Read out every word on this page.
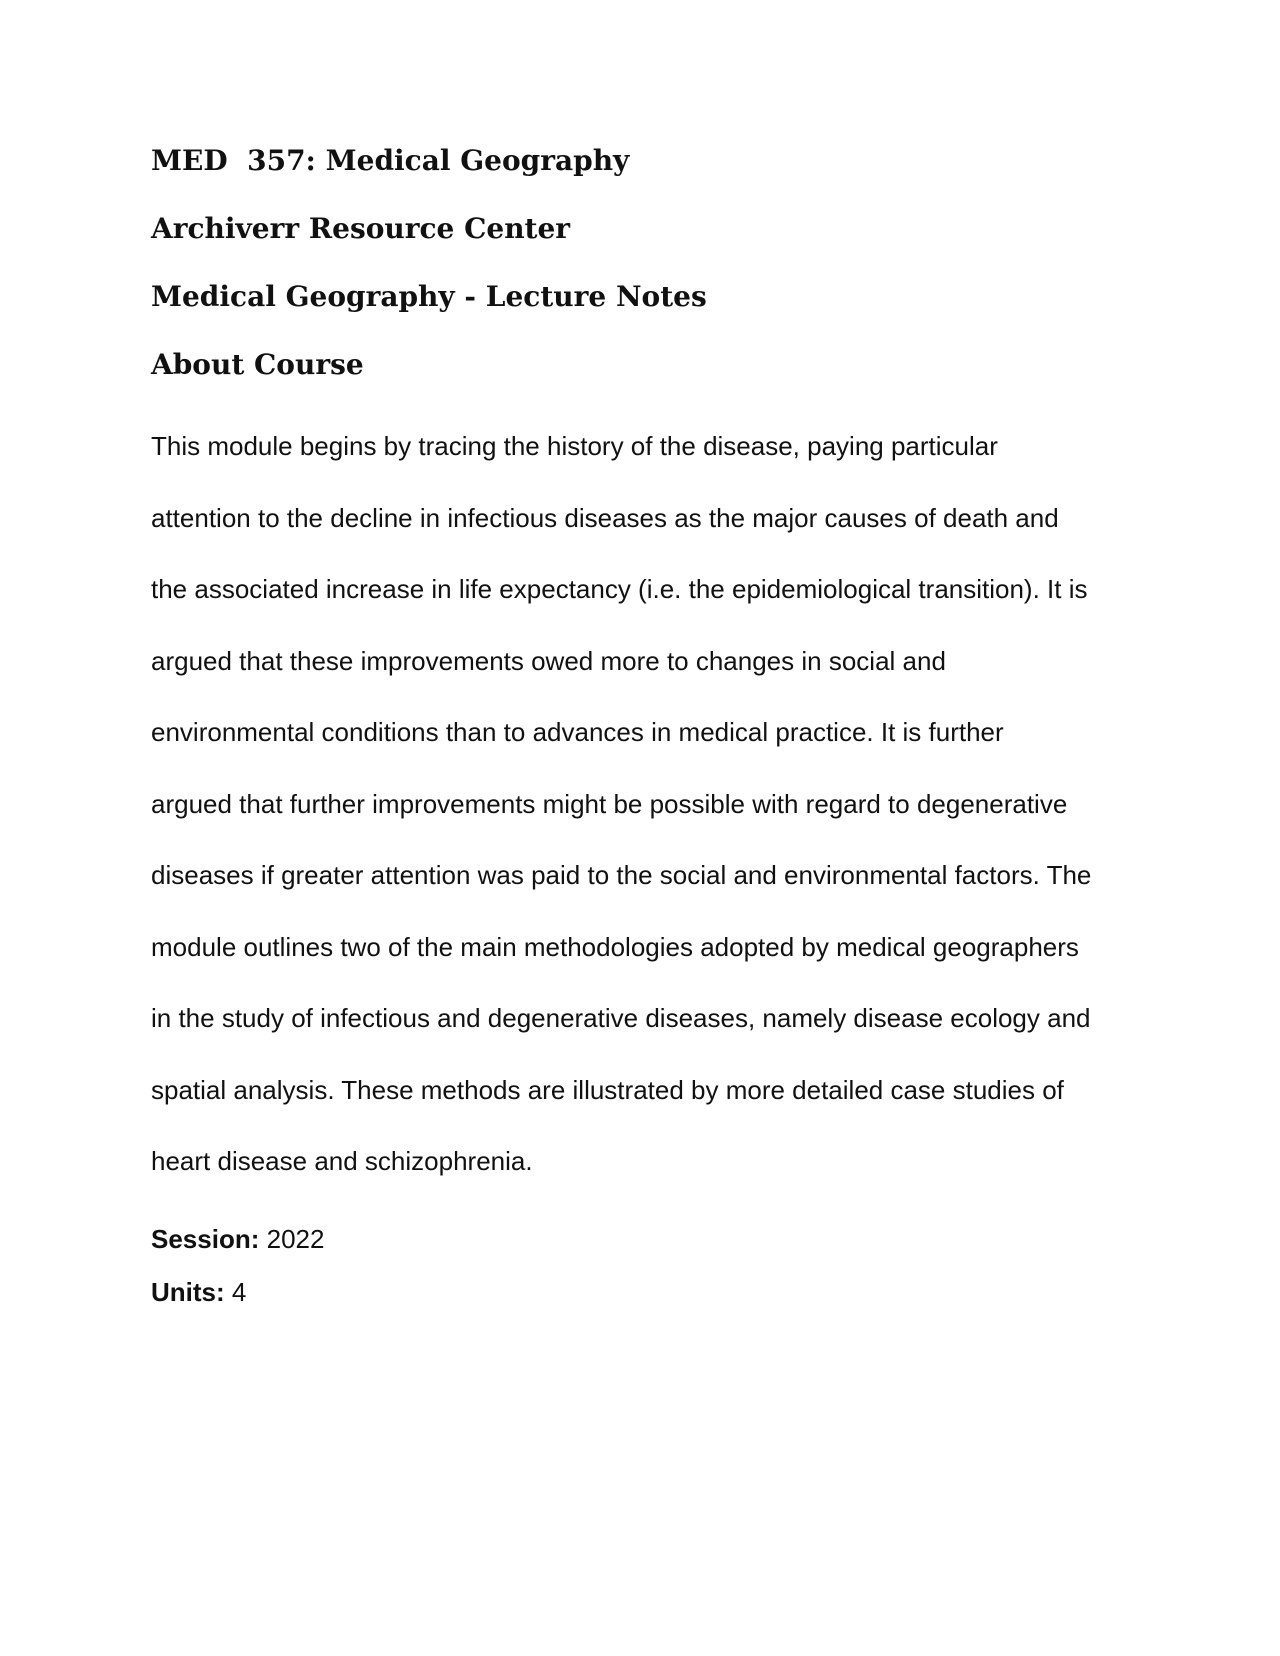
MED  357: Medical Geography
Archiverr Resource Center
Medical Geography - Lecture Notes
About Course

This module begins by tracing the history of the disease, paying particular
attention to the decline in infectious diseases as the major causes of death and
the associated increase in life expectancy (i.e. the epidemiological transition). It is
argued that these improvements owed more to changes in social and
environmental conditions than to advances in medical practice. It is further
argued that further improvements might be possible with regard to degenerative
diseases if greater attention was paid to the social and environmental factors. The
module outlines two of the main methodologies adopted by medical geographers
in the study of infectious and degenerative diseases, namely disease ecology and
spatial analysis. These methods are illustrated by more detailed case studies of
heart disease and schizophrenia.

Session: 2022

Units: 4
